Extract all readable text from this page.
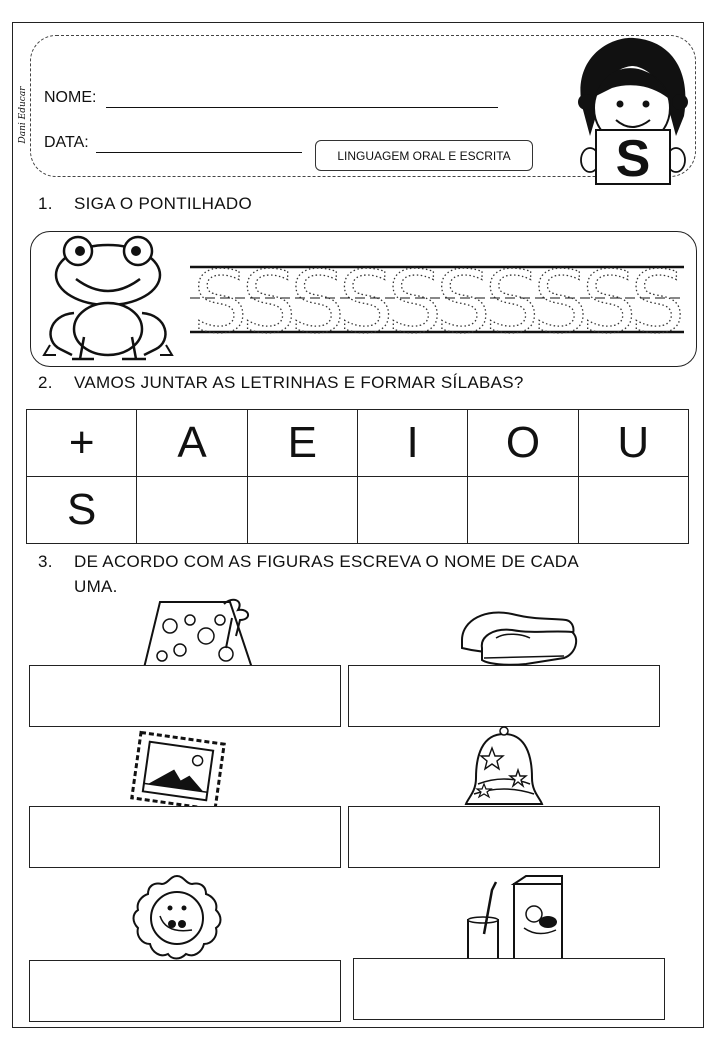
Dani Educar	NOME:
DATA:
LINGUAGEM ORAL E ESCRITA	S
1. SIGA O PONTILHADO
S
S
S
S
S
S
S
S
S
S
2. VAMOS JUNTAR AS LETRINHAS E FORMAR SÍLABAS?
+	A	E	I	O	U
S					
3. DE ACORDO COM AS FIGURAS ESCREVA O NOME DE CADA
UMA.
